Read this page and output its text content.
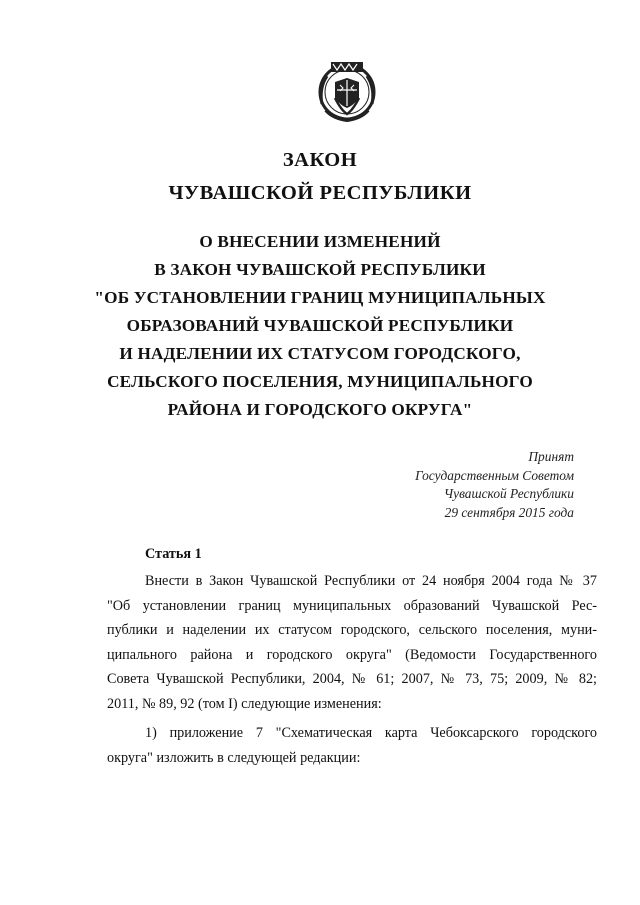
ЗАКОН
ЧУВАШСКОЙ РЕСПУБЛИКИ
О ВНЕСЕНИИ ИЗМЕНЕНИЙ
В ЗАКОН ЧУВАШСКОЙ РЕСПУБЛИКИ
"ОБ УСТАНОВЛЕНИИ ГРАНИЦ МУНИЦИПАЛЬНЫХ
ОБРАЗОВАНИЙ ЧУВАШСКОЙ РЕСПУБЛИКИ
И НАДЕЛЕНИИ ИХ СТАТУСОМ ГОРОДСКОГО,
СЕЛЬСКОГО ПОСЕЛЕНИЯ, МУНИЦИПАЛЬНОГО
РАЙОНА И ГОРОДСКОГО ОКРУГА"
Принят
Государственным Советом
Чувашской Республики
29 сентября 2015 года
Статья 1
Внести в Закон Чувашской Республики от 24 ноября 2004 года № 37
"Об установлении границ муниципальных образований Чувашской Рес-
публики и наделении их статусом городского, сельского поселения, муни-
ципального района и городского округа" (Ведомости Государственного
Совета Чувашской Республики, 2004, № 61; 2007, № 73, 75; 2009, № 82;
2011, № 89, 92 (том I) следующие изменения:
1) приложение 7 "Схематическая карта Чебоксарского городского
округа" изложить в следующей редакции:
